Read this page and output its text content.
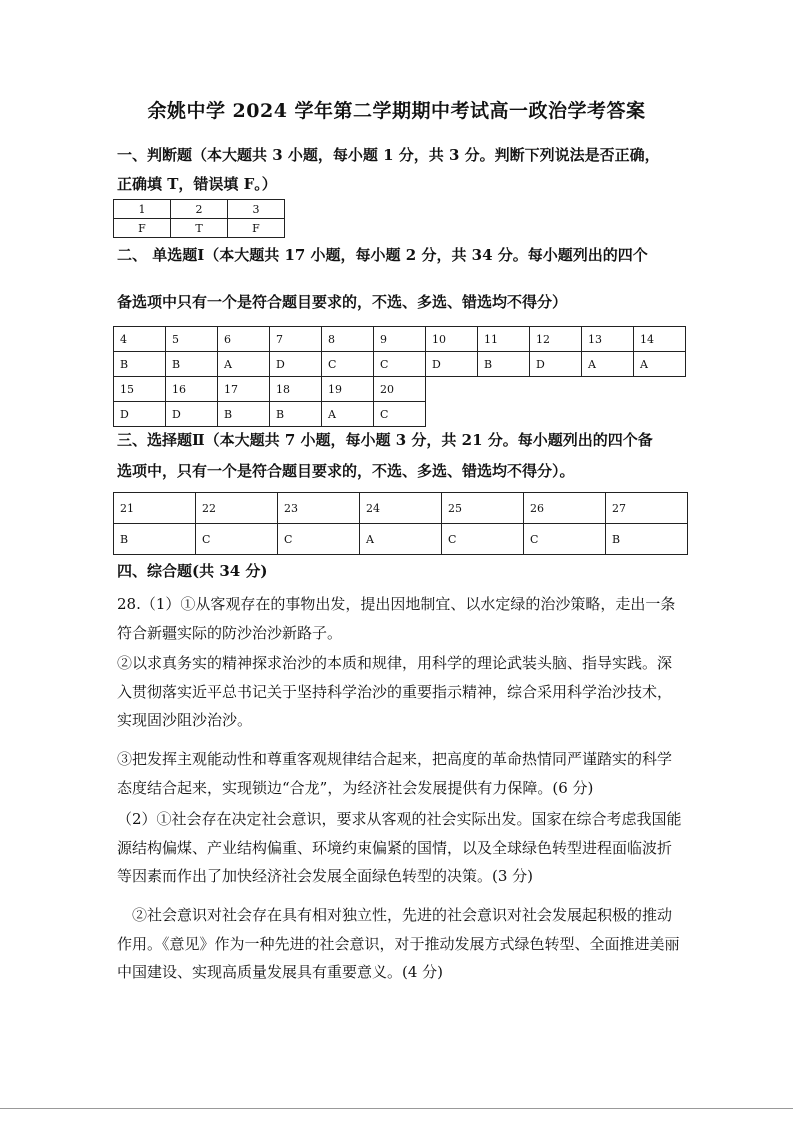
余姚中学 2024 学年第二学期期中考试高一政治学考答案
一、判断题（本大题共 3 小题，每小题 1 分，共 3 分。判断下列说法是否正确，
正确填 T，错误填 F。）
1	2	3
F	T	F
二、 单选题Ⅰ（本大题共 17 小题，每小题 2 分，共 34 分。每小题列出的四个
备选项中只有一个是符合题目要求的，不选、多选、错选均不得分）
4	5	6	7	8	9	10	11	12	13	14
B	B	A	D	C	C	D	B	D	A	A
15	16	17	18	19	20					
D	D	B	B	A	C					
三、选择题Ⅱ（本大题共 7 小题，每小题 3 分，共 21 分。每小题列出的四个备
选项中，只有一个是符合题目要求的，不选、多选、错选均不得分）。
21	22	23	24	25	26	27
B	C	C	A	C	C	B
四、综合题(共 34 分)
28.（1）①从客观存在的事物出发，提出因地制宜、以水定绿的治沙策略，走出一条符合新疆实际的防沙治沙新路子。
②以求真务实的精神探求治沙的本质和规律，用科学的理论武装头脑、指导实践。深入贯彻落实近平总书记关于坚持科学治沙的重要指示精神，综合采用科学治沙技术，实现固沙阻沙治沙。
③把发挥主观能动性和尊重客观规律结合起来，把高度的革命热情同严谨踏实的科学态度结合起来，实现锁边“合龙”，为经济社会发展提供有力保障。(6 分)
（2）①社会存在决定社会意识，要求从客观的社会实际出发。国家在综合考虑我国能源结构偏煤、产业结构偏重、环境约束偏紧的国情，以及全球绿色转型进程面临波折等因素而作出了加快经济社会发展全面绿色转型的决策。(3 分)
　②社会意识对社会存在具有相对独立性，先进的社会意识对社会发展起积极的推动作用。《意见》作为一种先进的社会意识，对于推动发展方式绿色转型、全面推进美丽中国建设、实现高质量发展具有重要意义。(4 分)
